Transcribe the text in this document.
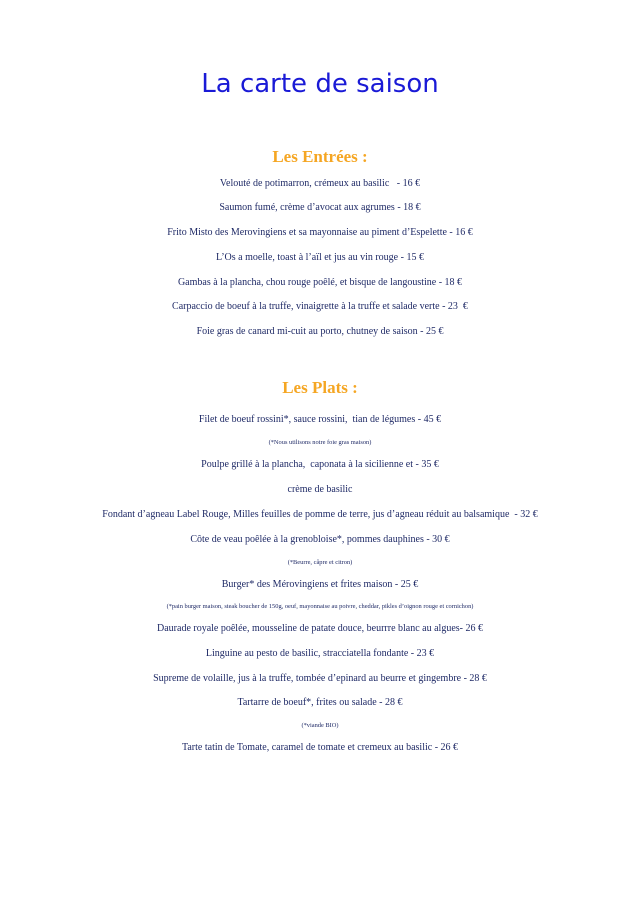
La carte de saison
Les Entrées :

Velouté de potimarron, crémeux au basilic   - 16 €

Saumon fumé, crème d’avocat aux agrumes - 18 €

Frito Misto des Merovingiens et sa mayonnaise au piment d’Espelette - 16 €

L’Os a moelle, toast à l’aïl et jus au vin rouge - 15 €

Gambas à la plancha, chou rouge poêlé, et bisque de langoustine - 18 €

Carpaccio de boeuf à la truffe, vinaigrette à la truffe et salade verte - 23  €

Foie gras de canard mi-cuit au porto, chutney de saison - 25 €

Les Plats :

Filet de boeuf rossini*, sauce rossini,  tian de légumes - 45 €

(*Nous utilisons notre foie gras maison)

Poulpe grillé à la plancha,  caponata à la sicilienne et - 35 €

crème de basilic

Fondant d’agneau Label Rouge, Milles feuilles de pomme de terre, jus d’agneau réduit au balsamique  - 32 €

Côte de veau poêlée à la grenobloise*, pommes dauphines - 30 €

(*Beurre, câpre et citron)

Burger* des Mérovingiens et frites maison - 25 €

(*pain burger maison, steak boucher de 150g, oeuf, mayonnaise au poivre, cheddar, pikles d’oignon rouge et cornichon)

Daurade royale poêlée, mousseline de patate douce, beurrre blanc au algues- 26 €

Linguine au pesto de basilic, stracciatella fondante - 23 €

Supreme de volaille, jus à la truffe, tombée d’epinard au beurre et gingembre - 28 €

Tartarre de boeuf*, frites ou salade - 28 €

(*viande BIO)

Tarte tatin de Tomate, caramel de tomate et cremeux au basilic - 26 €
